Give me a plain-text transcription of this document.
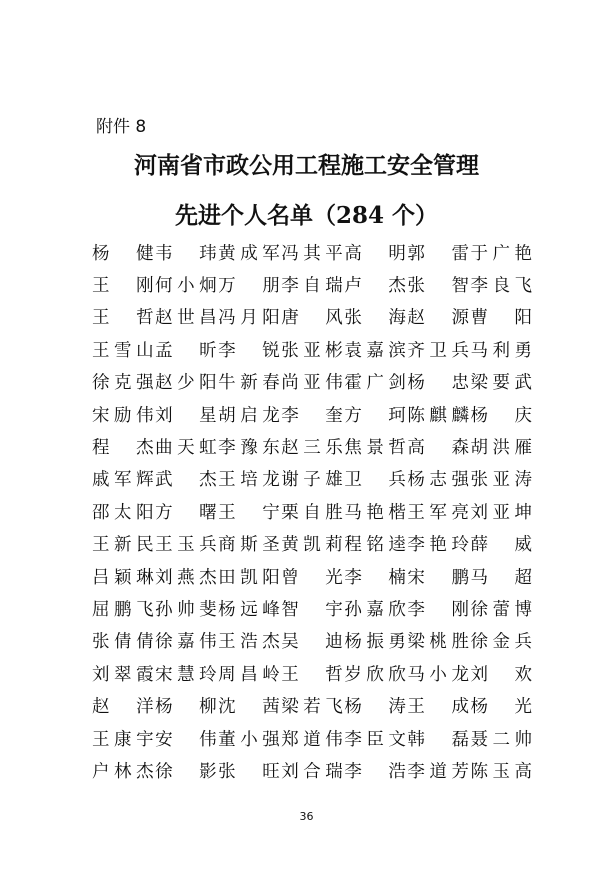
附件 8
河南省市政公用工程施工安全管理
先进个人名单（284 个）
杨　健 韦　玮 黄成军 冯其平 高　明 郭　雷 于广艳
王　刚 何小炯 万　朋 李自瑞 卢　杰 张　智 李良飞
王　哲 赵世昌 冯月阳 唐　风 张　海 赵　源 曹　阳
王雪山 孟　昕 李　锐 张亚彬 袁嘉滨 齐卫兵 马利勇
徐克强 赵少阳 牛新春 尚亚伟 霍广剑 杨　忠 梁要武
宋励伟 刘　星 胡启龙 李　奎 方　珂 陈麒麟 杨　庆
程　杰 曲天虹 李豫东 赵三乐 焦景哲 高　森 胡洪雁
戚军辉 武　杰 王培龙 谢子雄 卫　兵 杨志强 张亚涛
邵太阳 方　曙 王　宁 栗自胜 马艳楷 王军亮 刘亚坤
王新民 王玉兵 商斯圣 黄凯莉 程铭逵 李艳玲 薛　威
吕颖琳 刘燕杰 田凯阳 曾　光 李　楠 宋　鹏 马　超
屈鹏飞 孙帅斐 杨远峰 智　宇 孙嘉欣 李　刚 徐蕾博
张倩倩 徐嘉伟 王浩杰 吴　迪 杨振勇 梁桃胜 徐金兵
刘翠霞 宋慧玲 周昌岭 王　哲 岁欣欣 马小龙 刘　欢
赵　洋 杨　柳 沈　茜 梁若飞 杨　涛 王　成 杨　光
王康宇 安　伟 董小强 郑道伟 李臣文 韩　磊 聂二帅
户林杰 徐　影 张　旺 刘合瑞 李　浩 李道芳 陈玉高
36
